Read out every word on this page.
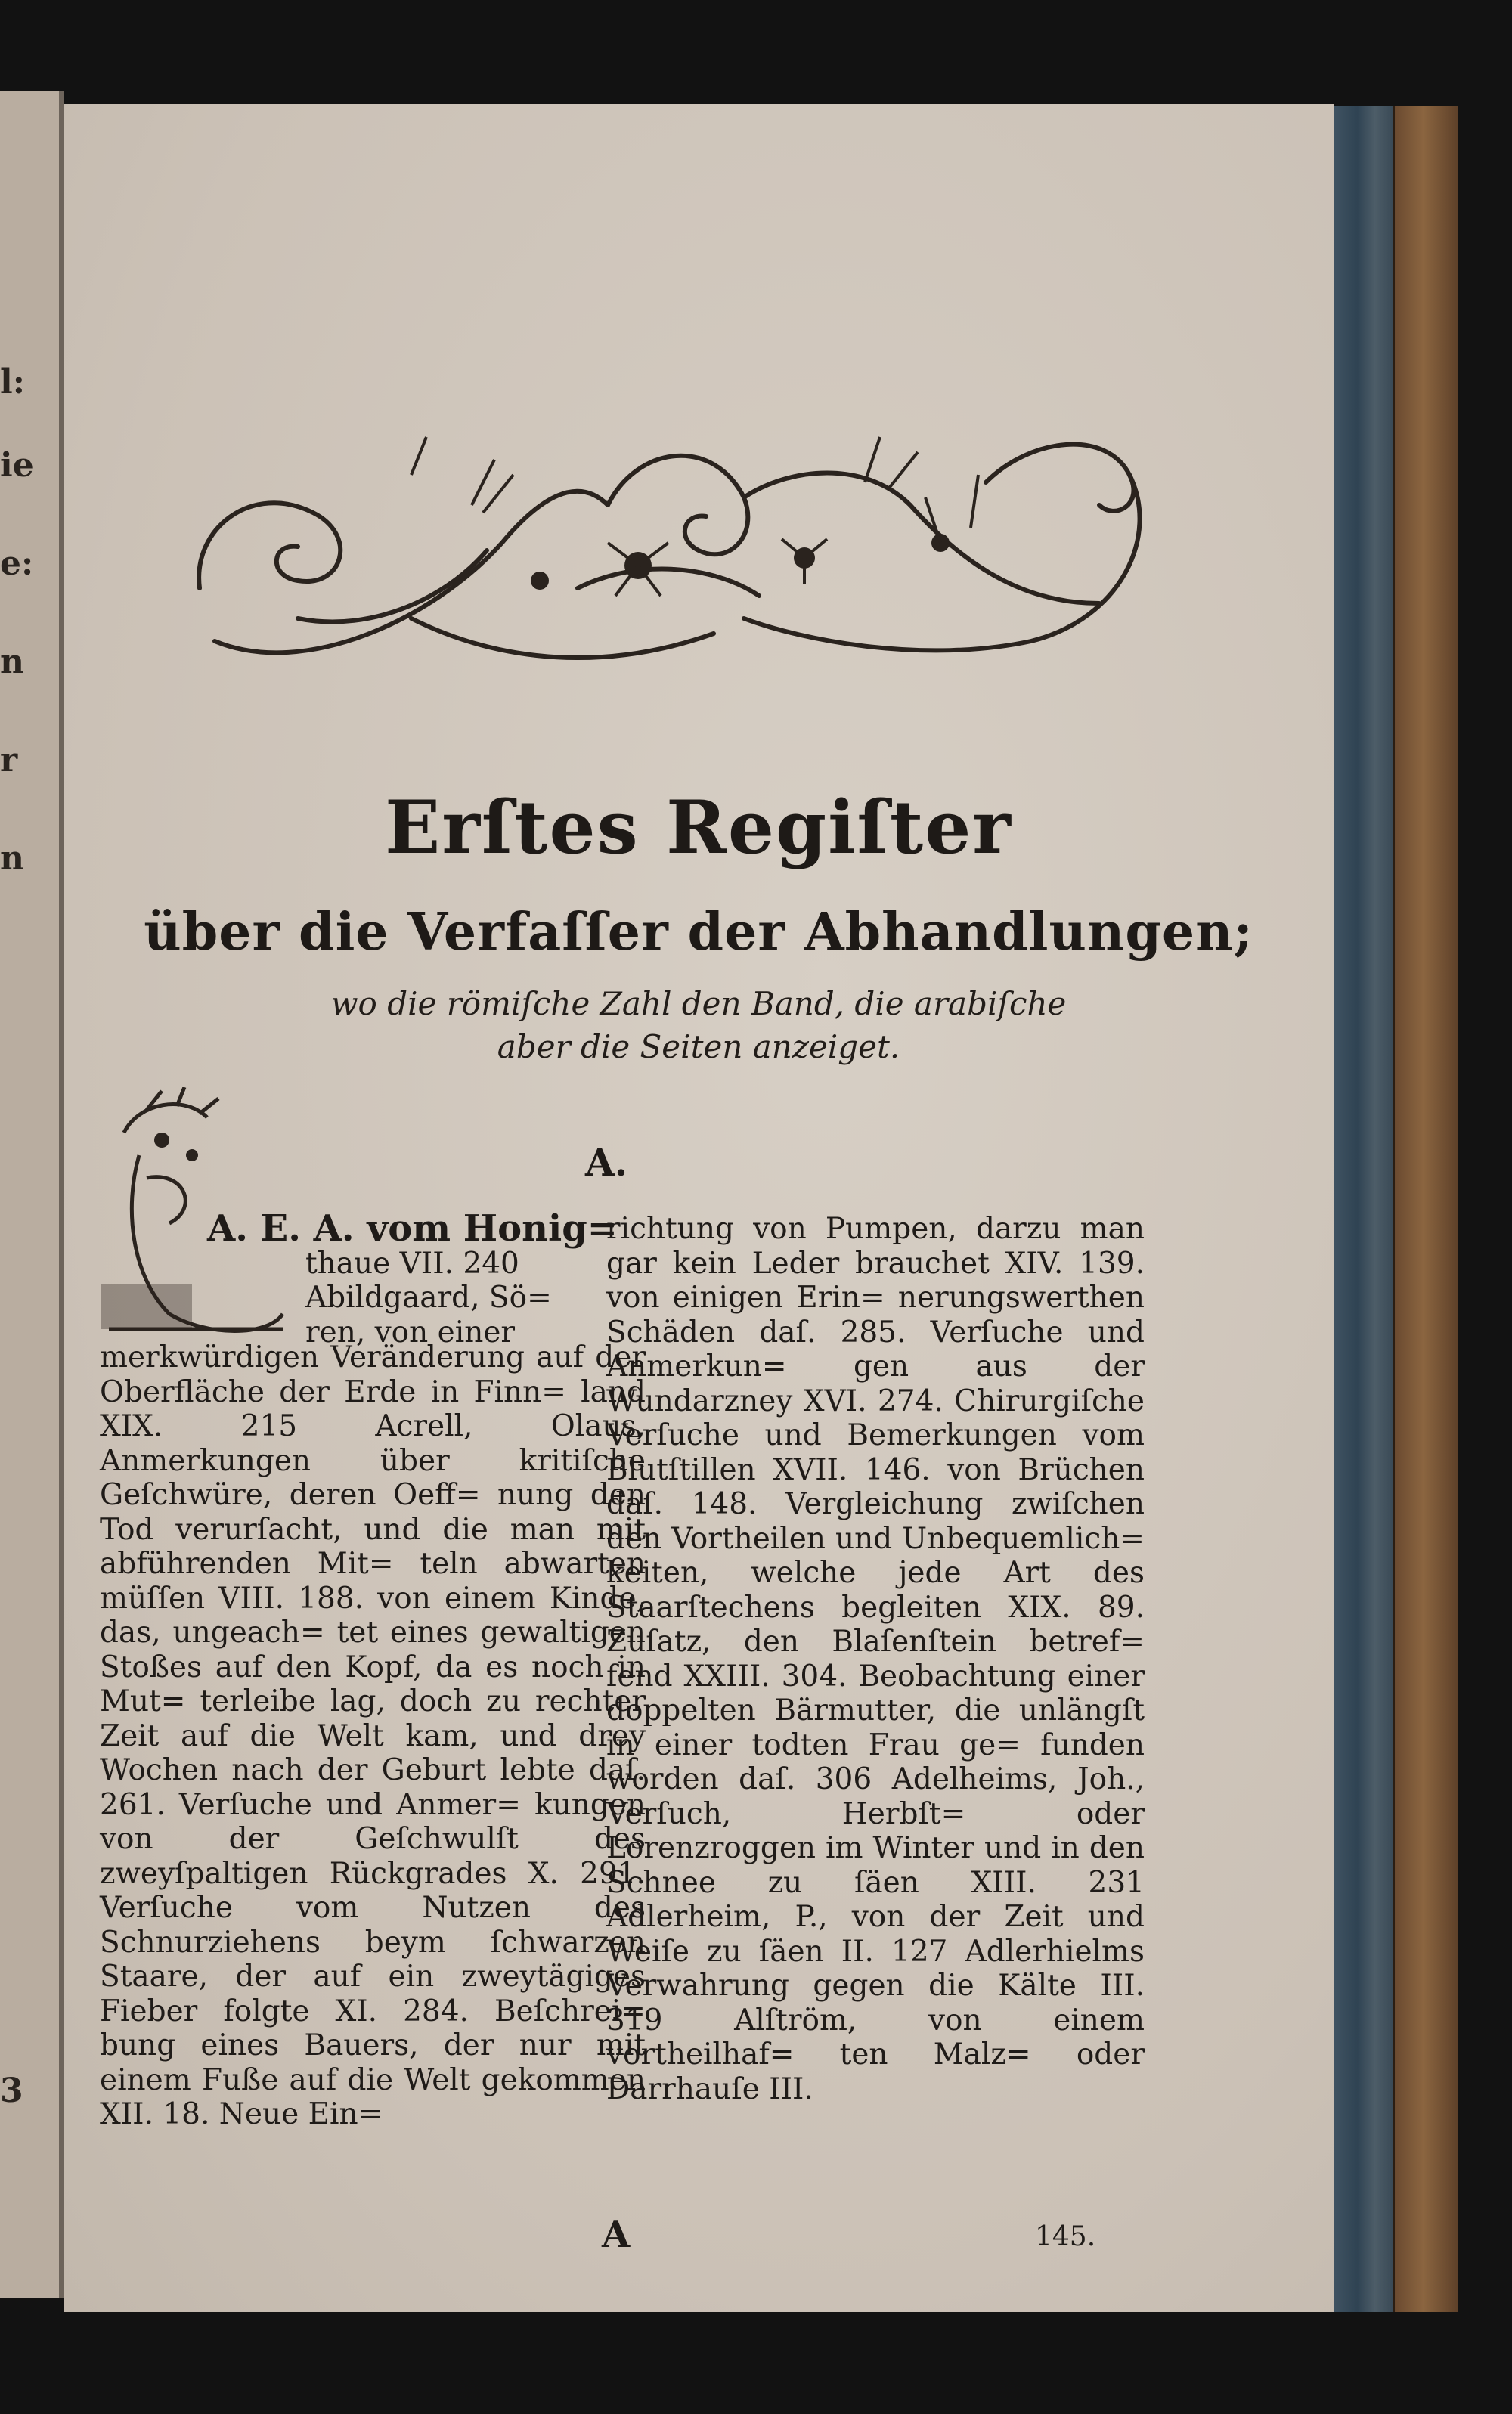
l:
ie
e:
n
r
n
3
Erſtes Regiſter
über die Verfaſſer der Abhandlungen;
wo die römiſche Zahl den Band, die arabiſche
aber die Seiten anzeiget.
A.

A. E. A. vom Honig=

thaue VII. 240

Abildgaard, Sö=

ren, von einer

merkwürdigen Veränderung auf der Oberfläche der Erde in Finn= land XIX. 215 Acrell, Olaus, Anmerkungen über kritiſche Geſchwüre, deren Oeff= nung den Tod verurſacht, und die man mit abführenden Mit= teln abwarten müſſen VIII. 188. von einem Kinde, das, ungeach= tet eines gewaltigen Stoßes auf den Kopf, da es noch in Mut= terleibe lag, doch zu rechter Zeit auf die Welt kam, und drey Wochen nach der Geburt lebte daſ. 261. Verſuche und Anmer= kungen von der Geſchwulſt des zweyſpaltigen Rückgrades X. 291. Verſuche vom Nutzen des Schnurziehens beym ſchwarzen Staare, der auf ein zweytägiges Fieber folgte XI. 284. Beſchrei= bung eines Bauers, der nur mit einem Fuße auf die Welt gekommen XII. 18. Neue Ein=

richtung von Pumpen, darzu man gar kein Leder brauchet XIV. 139. von einigen Erin= nerungswerthen Schäden daſ. 285. Verſuche und Anmerkun= gen aus der Wundarzney XVI. 274. Chirurgiſche Verſuche und Bemerkungen vom Blutſtillen XVII. 146. von Brüchen daſ. 148. Vergleichung zwiſchen den Vortheilen und Unbequemlich= keiten, welche jede Art des Staarſtechens begleiten XIX. 89. Zuſatz, den Blaſenſtein betref= fend XXIII. 304. Beobachtung einer doppelten Bärmutter, die unlängſt in einer todten Frau ge= funden worden daſ. 306 Adelheims, Joh., Verſuch, Herbſt= oder Lorenzroggen im Winter und in den Schnee zu ſäen XIII. 231 Adlerheim, P., von der Zeit und Weiſe zu ſäen II. 127 Adlerhielms Verwahrung gegen die Kälte III. 319 Alſtröm, von einem vortheilhaf= ten Malz= oder Darrhauſe III.

A	145.
